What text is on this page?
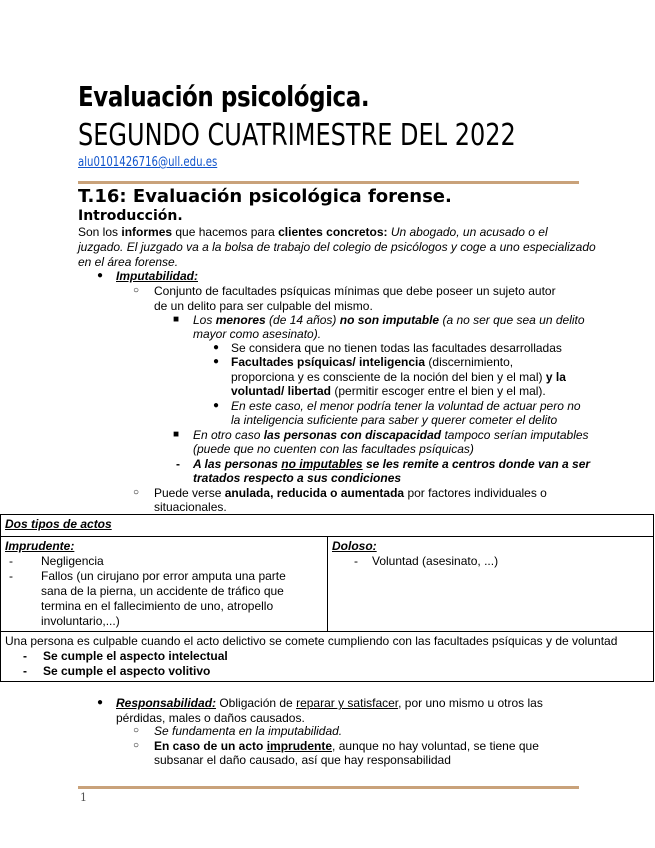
Evaluación psicológica.
SEGUNDO CUATRIMESTRE DEL 2022
alu0101426716@ull.edu.es
T.16: Evaluación psicológica forense.
Introducción.
Son los informes que hacemos para clientes concretos: Un abogado, un acusado o el
juzgado. El juzgado va a la bolsa de trabajo del colegio de psicólogos y coge a uno especializado
en el área forense.
● Imputabilidad:
○ Conjunto de facultades psíquicas mínimas que debe poseer un sujeto autor
de un delito para ser culpable del mismo.
■ Los menores (de 14 años) no son imputable (a no ser que sea un delito
mayor como asesinato).
● Se considera que no tienen todas las facultades desarrolladas
● Facultades psíquicas/ inteligencia (discernimiento,
proporciona y es consciente de la noción del bien y el mal) y la
voluntad/ libertad (permitir escoger entre el bien y el mal).
● En este caso, el menor podría tener la voluntad de actuar pero no
la inteligencia suficiente para saber y querer cometer el delito
■ En otro caso las personas con discapacidad tampoco serían imputables
(puede que no cuenten con las facultades psíquicas)
- A las personas no imputables se les remite a centros donde van a ser
tratados respecto a sus condiciones
○ Puede verse anulada, reducida o aumentada por factores individuales o
situacionales.
Dos tipos de actos

Imprudente:
- Negligencia
- Fallos (un cirujano por error amputa una parte
sana de la pierna, un accidente de tráfico que
termina en el fallecimiento de uno, atropello
involuntario,...)

Doloso:
- Voluntad (asesinato, ...)

Una persona es culpable cuando el acto delictivo se comete cumpliendo con las facultades psíquicas y de voluntad
- Se cumple el aspecto intelectual
- Se cumple el aspecto volitivo
● Responsabilidad: Obligación de reparar y satisfacer, por uno mismo u otros las
pérdidas, males o daños causados.
○ Se fundamenta en la imputabilidad.
○ En caso de un acto imprudente, aunque no hay voluntad, se tiene que
subsanar el daño causado, así que hay responsabilidad
1
